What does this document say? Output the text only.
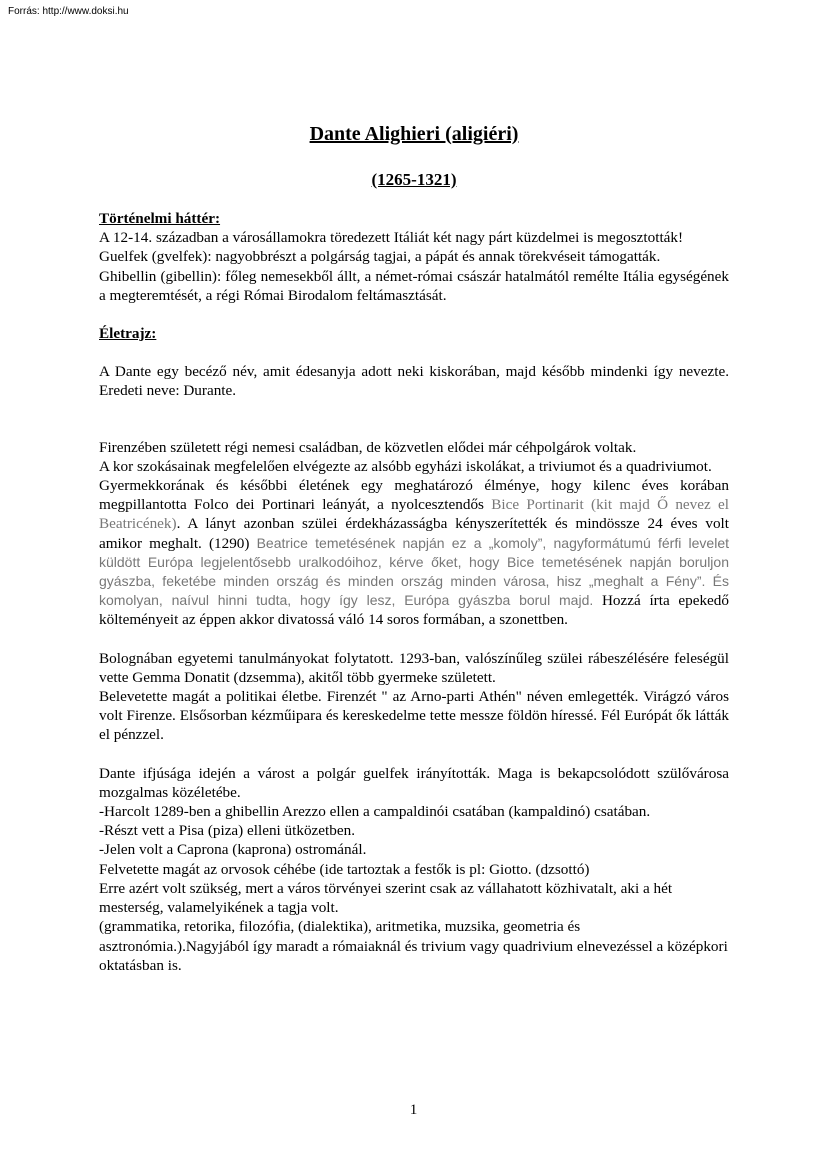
Forrás: http://www.doksi.hu
Dante Alighieri (aligiéri)

(1265-1321)

Történelmi háttér:

A 12-14. században a városállamokra töredezett Itáliát két nagy párt küzdelmei is megosztották!

Guelfek (gvelfek): nagyobbrészt a polgárság tagjai, a pápát és annak törekvéseit támogatták.

Ghibellin (gibellin): főleg nemesekből állt, a német-római császár hatalmától remélte Itália egységének a megteremtését, a régi Római Birodalom feltámasztását.

Életrajz:

A Dante egy becéző név, amit édesanyja adott neki kiskorában, majd később mindenki így nevezte. Eredeti neve: Durante.

Firenzében született régi nemesi családban, de közvetlen elődei már céhpolgárok voltak.

A kor szokásainak megfelelően elvégezte az alsóbb egyházi iskolákat, a triviumot és a quadriviumot.

Gyermekkorának és későbbi életének egy meghatározó élménye, hogy kilenc éves korában megpillantotta Folco dei Portinari leányát, a nyolcesztendős Bice Portinarit (kit majd Ő nevez el Beatricének). A lányt azonban szülei érdekházasságba kényszerítették és mindössze 24 éves volt amikor meghalt. (1290) Beatrice temetésének napján ez a „komoly”, nagyformátumú férfi levelet küldött Európa legjelentősebb uralkodóihoz, kérve őket, hogy Bice temetésének napján boruljon gyászba, feketébe minden ország és minden ország minden városa, hisz „meghalt a Fény”. És komolyan, naívul hinni tudta, hogy így lesz, Európa gyászba borul majd. Hozzá írta epekedő költeményeit az éppen akkor divatossá váló 14 soros formában, a szonettben.

Bolognában egyetemi tanulmányokat folytatott. 1293-ban, valószínűleg szülei rábeszélésére feleségül vette Gemma Donatit (dzsemma), akitől több gyermeke született.

Belevetette magát a politikai életbe. Firenzét " az Arno-parti Athén" néven emlegették. Virágzó város volt Firenze. Elsősorban kézműipara és kereskedelme tette messze földön híressé. Fél Európát ők látták el pénzzel.

Dante ifjúsága idején a várost a polgár guelfek irányították. Maga is bekapcsolódott szülővárosa mozgalmas közéletébe.

-Harcolt 1289-ben a ghibellin Arezzo ellen a campaldinói csatában (kampaldinó) csatában.

-Részt vett a Pisa (piza) elleni ütközetben.

-Jelen volt a Caprona (kaprona) ostrománál.

Felvetette magát az orvosok céhébe (ide tartoztak a festők is pl: Giotto. (dzsottó)

Erre azért volt szükség, mert a város törvényei szerint csak az vállahatott közhivatalt, aki a hét mesterség, valamelyikének a tagja volt.

(grammatika, retorika, filozófia, (dialektika), aritmetika, muzsika, geometria és asztronómia.).Nagyjából így maradt a rómaiaknál és trivium vagy quadrivium elnevezéssel a középkori oktatásban is.

1
